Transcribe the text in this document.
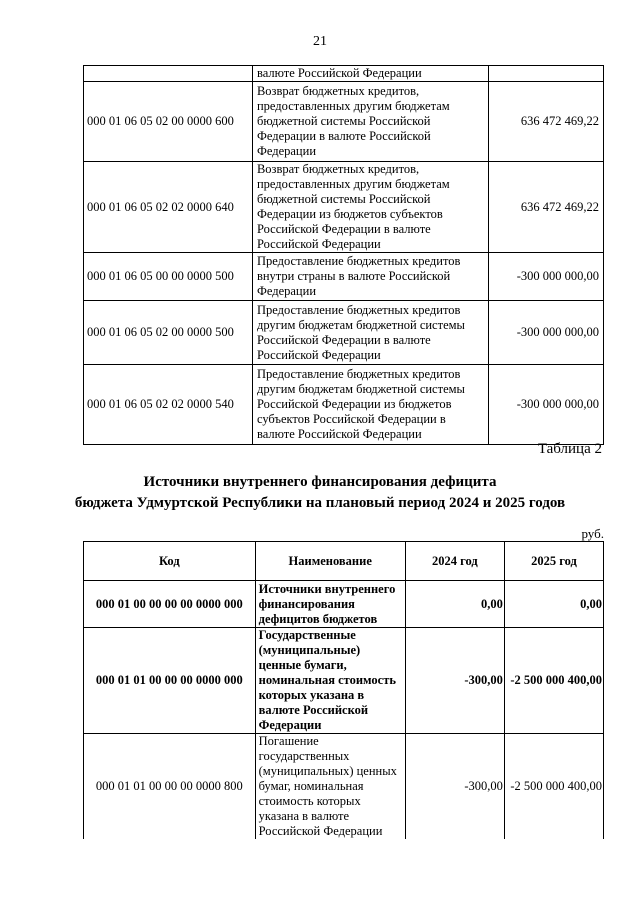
21
	валюте Российской Федерации	
000 01 06 05 02 00 0000 600	Возврат бюджетных кредитов, предоставленных другим бюджетам бюджетной системы Российской Федерации в валюте Российской Федерации	636 472 469,22
000 01 06 05 02 02 0000 640	Возврат бюджетных кредитов, предоставленных другим бюджетам бюджетной системы Российской Федерации из бюджетов субъектов Российской Федерации в валюте Российской Федерации	636 472 469,22
000 01 06 05 00 00 0000 500	Предоставление бюджетных кредитов внутри страны в валюте Российской Федерации	-300 000 000,00
000 01 06 05 02 00 0000 500	Предоставление бюджетных кредитов другим бюджетам бюджетной системы Российской Федерации в валюте Российской Федерации	-300 000 000,00
000 01 06 05 02 02 0000 540	Предоставление бюджетных кредитов другим бюджетам бюджетной системы Российской Федерации из бюджетов субъектов Российской Федерации в валюте Российской Федерации	-300 000 000,00
Таблица 2
Источники внутреннего финансирования дефицита
бюджета Удмуртской Республики на плановый период 2024 и 2025 годов
руб.
Код	Наименование	2024 год	2025 год
000 01 00 00 00 00 0000 000	Источники внутреннего финансирования дефицитов бюджетов	0,00	0,00
000 01 01 00 00 00 0000 000	Государственные (муниципальные) ценные бумаги, номинальная стоимость которых указана в валюте Российской Федерации	-300,00	-2 500 000 400,00
000 01 01 00 00 00 0000 800	Погашение государственных (муниципальных) ценных бумаг, номинальная стоимость которых указана в валюте Российской Федерации	-300,00	-2 500 000 400,00
